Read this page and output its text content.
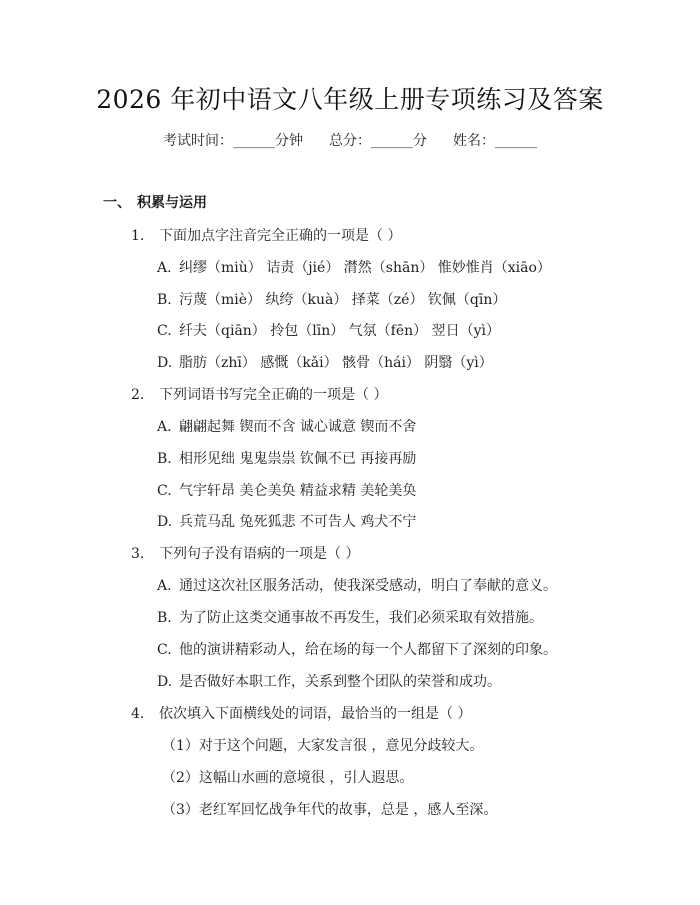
2026 年初中语文八年级上册专项练习及答案
考试时间：______分钟 总分：______分 姓名：______
一、 积累与运用
1. 下面加点字注音完全正确的一项是（ ）
A. 纠缪（miù） 诘责（jié） 潸然（shān） 惟妙惟肖（xiāo）
B. 污蔑（miè） 纨绔（kuà） 择菜（zé） 钦佩（qīn）
C. 纤夫（qiān） 拎包（līn） 气氛（fēn） 翌日（yì）
D. 脂肪（zhī） 感慨（kǎi） 骸骨（hái） 阴翳（yì）
2. 下列词语书写完全正确的一项是（ ）
A. 翩翩起舞 锲而不含 诚心诚意 锲而不舍
B. 相形见绌 鬼鬼祟祟 钦佩不已 再接再励
C. 气宇轩昂 美仑美奂 精益求精 美轮美奂
D. 兵荒马乱 兔死狐悲 不可告人 鸡犬不宁
3. 下列句子没有语病的一项是（ ）
A. 通过这次社区服务活动，使我深受感动，明白了奉献的意义。
B. 为了防止这类交通事故不再发生，我们必须采取有效措施。
C. 他的演讲精彩动人，给在场的每一个人都留下了深刻的印象。
D. 是否做好本职工作，关系到整个团队的荣誉和成功。
4. 依次填入下面横线处的词语，最恰当的一组是（ ）
（1）对于这个问题，大家发言很 ，意见分歧较大。
（2）这幅山水画的意境很 ，引人遐思。
（3）老红军回忆战争年代的故事，总是 ，感人至深。
